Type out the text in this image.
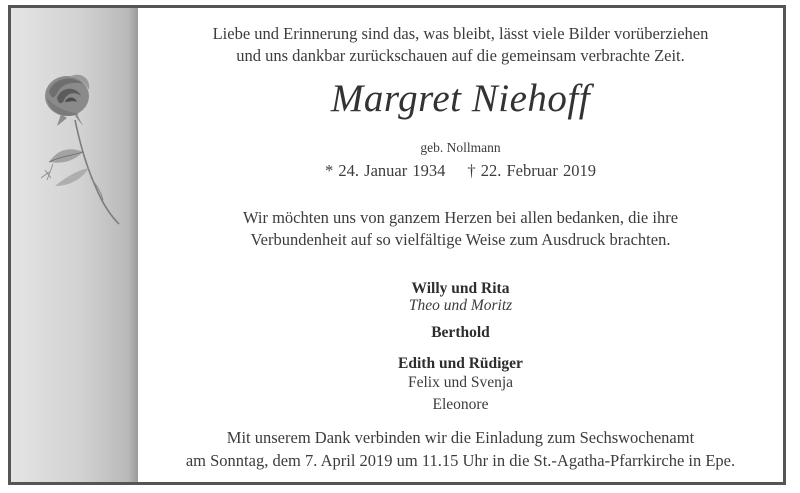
Liebe und Erinnerung sind das, was bleibt, lässt viele Bilder vorüberziehen
und uns dankbar zurückschauen auf die gemeinsam verbrachte Zeit.
Margret Niehoff
geb. Nollmann
* 24. Januar 1934 † 22. Februar 2019
Wir möchten uns von ganzem Herzen bei allen bedanken, die ihre
Verbundenheit auf so vielfältige Weise zum Ausdruck brachten.
Willy und Rita
Theo und Moritz
Berthold
Edith und Rüdiger
Felix und Svenja
Eleonore
Mit unserem Dank verbinden wir die Einladung zum Sechswochenamt
am Sonntag, dem 7. April 2019 um 11.15 Uhr in die St.-Agatha-Pfarrkirche in Epe.
